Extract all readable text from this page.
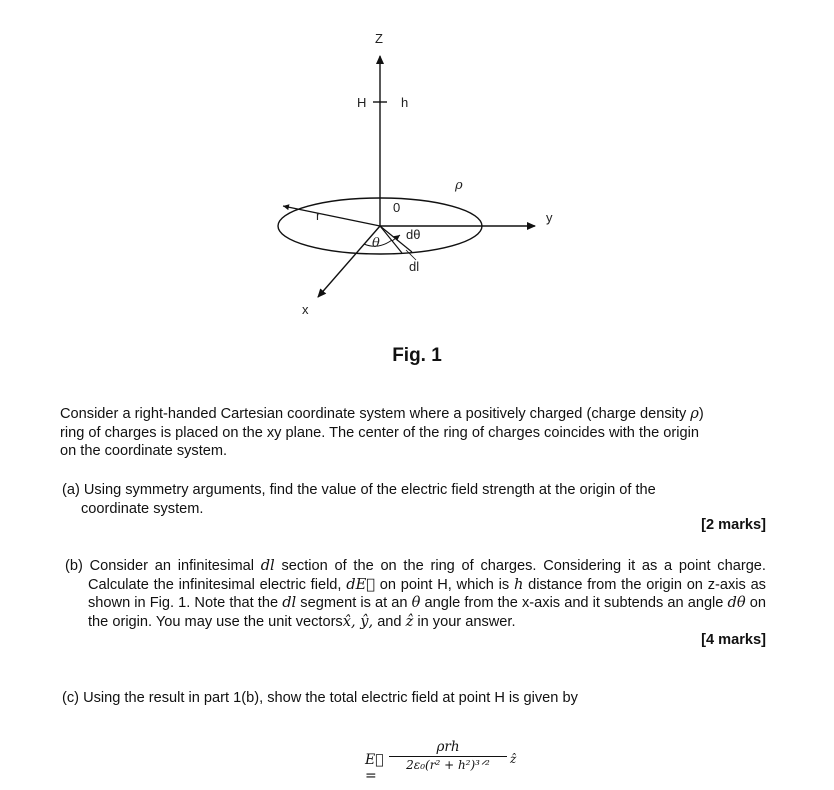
Z
y
x
H	h
ρ
0
r
θ
dθ
dl
Fig. 1

Consider a right-handed Cartesian coordinate system where a positively charged (charge density ρ)
ring of charges is placed on the xy plane. The center of the ring of charges coincides with the origin
on the coordinate system.

(a) Using symmetry arguments, find the value of the electric field strength at the origin of the
coordinate system.

[2 marks]

(b) Consider an infinitesimal dl section of the on the ring of charges. Considering it as a point charge. Calculate the infinitesimal electric field, dE⃗ on point H, which is h distance from the origin on z-axis as shown in Fig. 1. Note that the dl segment is at an θ angle from the x-axis and it subtends an angle dθ on the origin. You may use the unit vectorsx̂, ŷ, and ẑ in your answer.

[4 marks]

(c) Using the result in part 1(b), show the total electric field at point H is given by

E⃗ =
ρrh
2ε₀(r² + h²)³ᐟ²	ẑ
